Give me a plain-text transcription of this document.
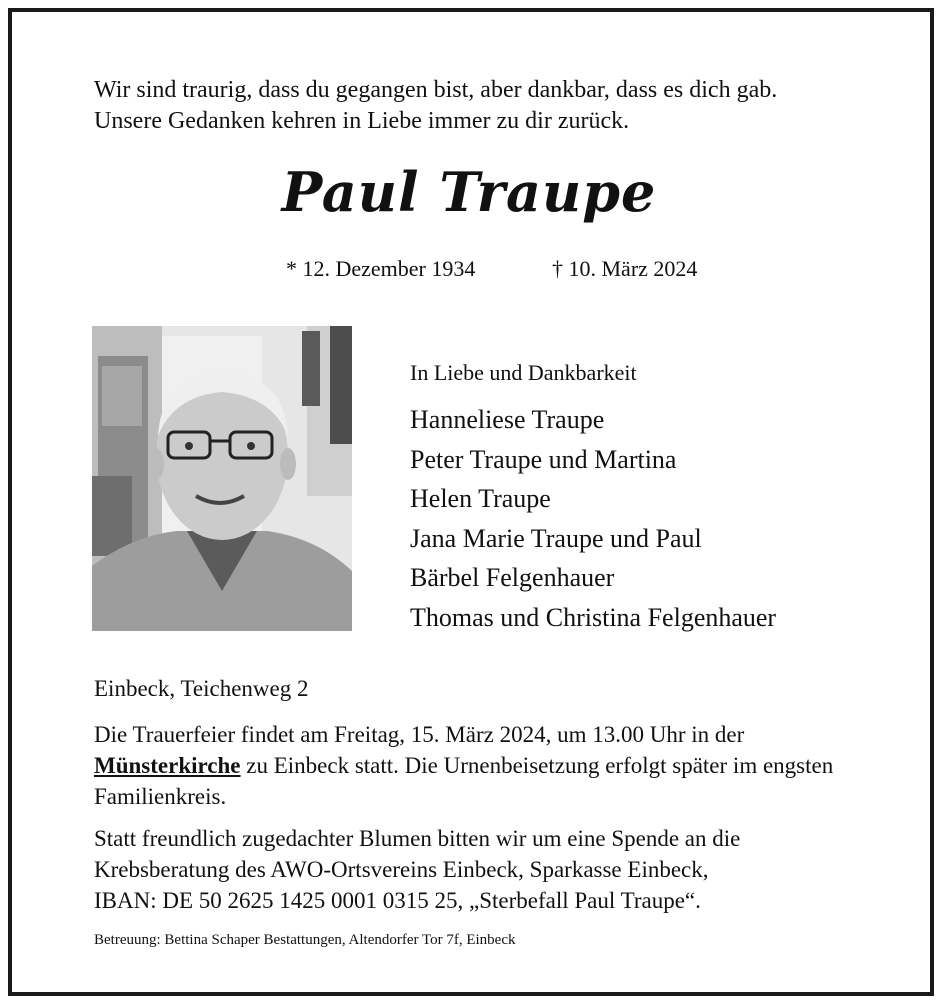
Wir sind traurig, dass du gegangen bist, aber dankbar, dass es dich gab.
Unsere Gedanken kehren in Liebe immer zu dir zurück.
Paul Traupe
* 12. Dezember 1934	† 10. März 2024
In Liebe und Dankbarkeit
Hanneliese Traupe
Peter Traupe und Martina
Helen Traupe
Jana Marie Traupe und Paul
Bärbel Felgenhauer
Thomas und Christina Felgenhauer
Einbeck, Teichenweg 2
Die Trauerfeier findet am Freitag, 15. März 2024, um 13.00 Uhr in der
Münsterkirche zu Einbeck statt. Die Urnenbeisetzung erfolgt später im engsten Familienkreis.
Statt freundlich zugedachter Blumen bitten wir um eine Spende an die
Krebsberatung des AWO-Ortsvereins Einbeck, Sparkasse Einbeck,
IBAN: DE 50 2625 1425 0001 0315 25, „Sterbefall Paul Traupe“.
Betreuung: Bettina Schaper Bestattungen, Altendorfer Tor 7f, Einbeck
